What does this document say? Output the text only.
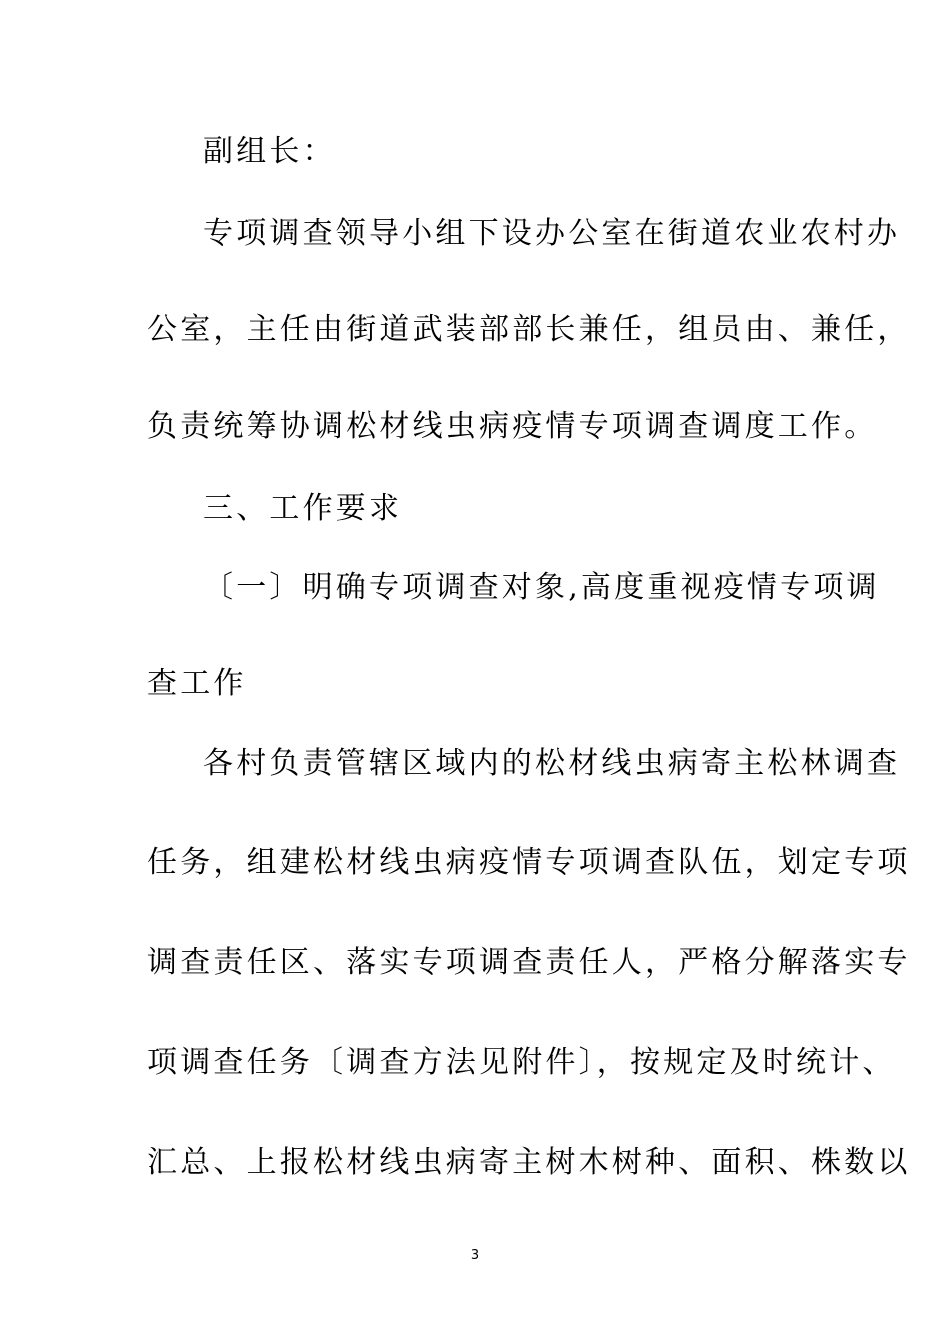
副组长：
专项调查领导小组下设办公室在街道农业农村办
公室，主任由街道武装部部长兼任，组员由、兼任，
负责统筹协调松材线虫病疫情专项调查调度工作。
三、工作要求
〔一〕明确专项调查对象,高度重视疫情专项调
查工作
各村负责管辖区域内的松材线虫病寄主松林调查
任务，组建松材线虫病疫情专项调查队伍，划定专项
调查责任区、落实专项调查责任人，严格分解落实专
项调查任务〔调查方法见附件〕，按规定及时统计、
汇总、上报松材线虫病寄主树木树种、面积、株数以
3
